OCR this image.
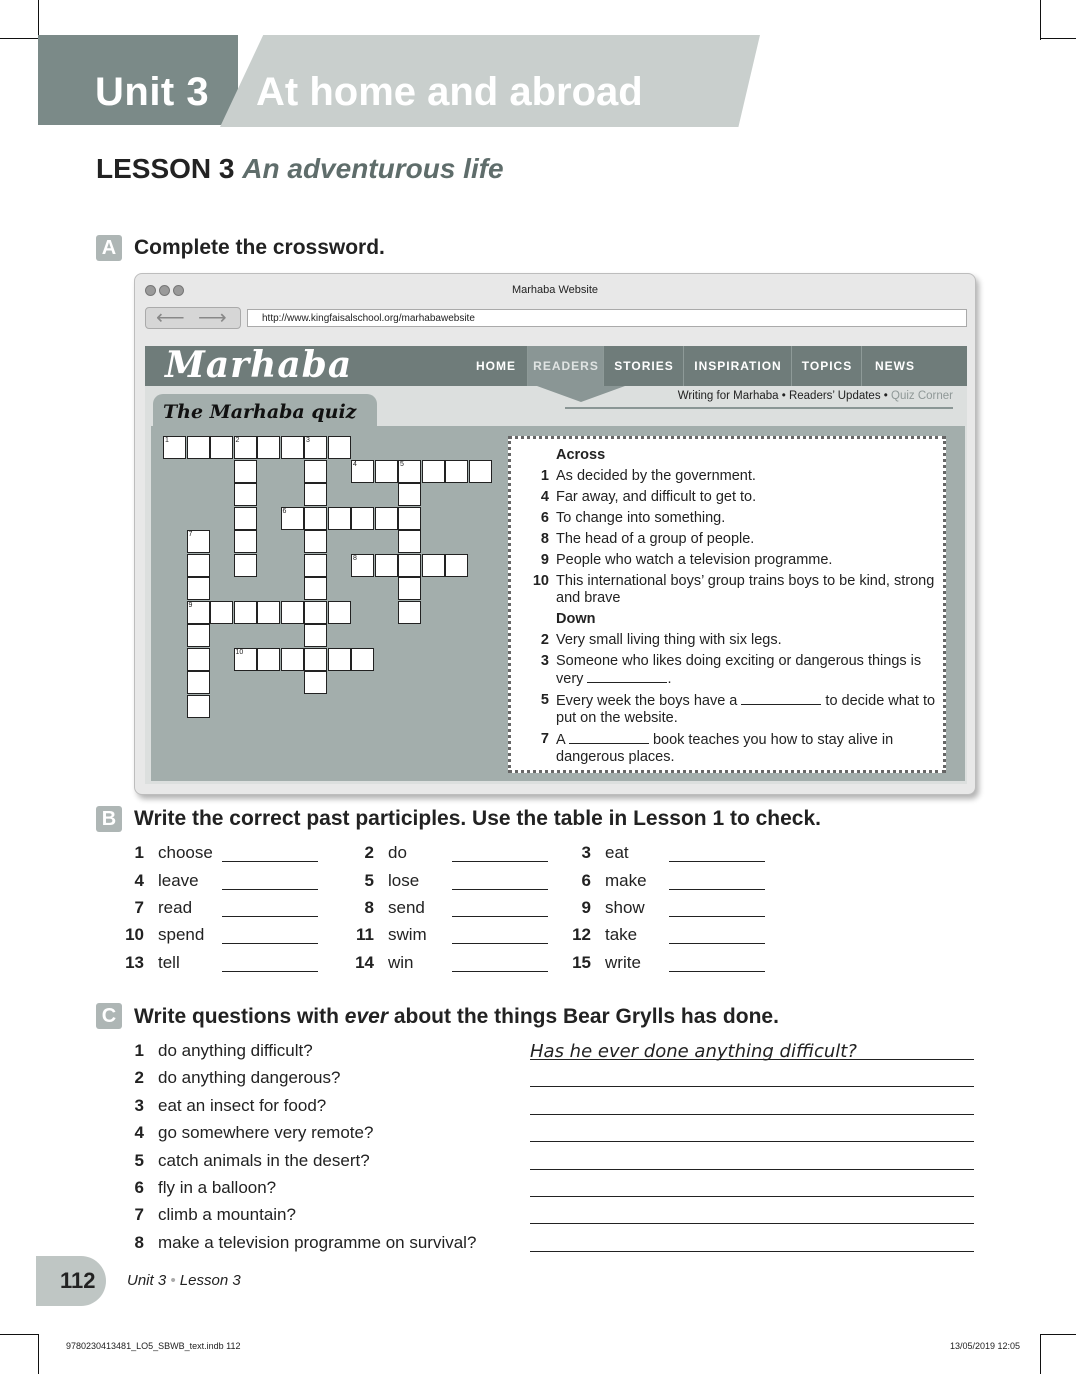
Unit 3 At home and abroad
LESSON 3 An adventurous life
A Complete the crossword.
Marhaba Website
⟵ ⟶	http://www.kingfaisalschool.org/marhabawebsite
Marhaba	HOME	READERS	STORIES	INSPIRATION	TOPICS	NEWS
Writing for Marhaba • Readers’ Updates • Quiz Corner
The Marhaba quiz
1	2	3
4	5
6
7
8
9
10
Across
1 As decided by the government.
4 Far away, and difficult to get to.
6 To change into something.
8 The head of a group of people.
9 People who watch a television programme.
10 This international boys’ group trains boys to be kind, strong and brave
Down
2 Very small living thing with six legs.
3 Someone who likes doing exciting or dangerous things is very	.
5 Every week the boys have a	to decide what to put on the website.
7 A	book teaches you how to stay alive in dangerous places.
B Write the correct past participles. Use the table in Lesson 1 to check.
1 choose	2 do	3 eat
4 leave	5 lose	6 make
7 read	8 send	9 show
10 spend	11 swim	12 take
13 tell	14 win	15 write
C Write questions with ever about the things Bear Grylls has done.
1 do anything difficult?
2 do anything dangerous?
3 eat an insect for food?
4 go somewhere very remote?
5 catch animals in the desert?
6 fly in a balloon?
7 climb a mountain?
8 make a television programme on survival?
Has he ever done anything difficult?
112 Unit 3 • Lesson 3
9780230413481_LO5_SBWB_text.indb 112	13/05/2019 12:05
